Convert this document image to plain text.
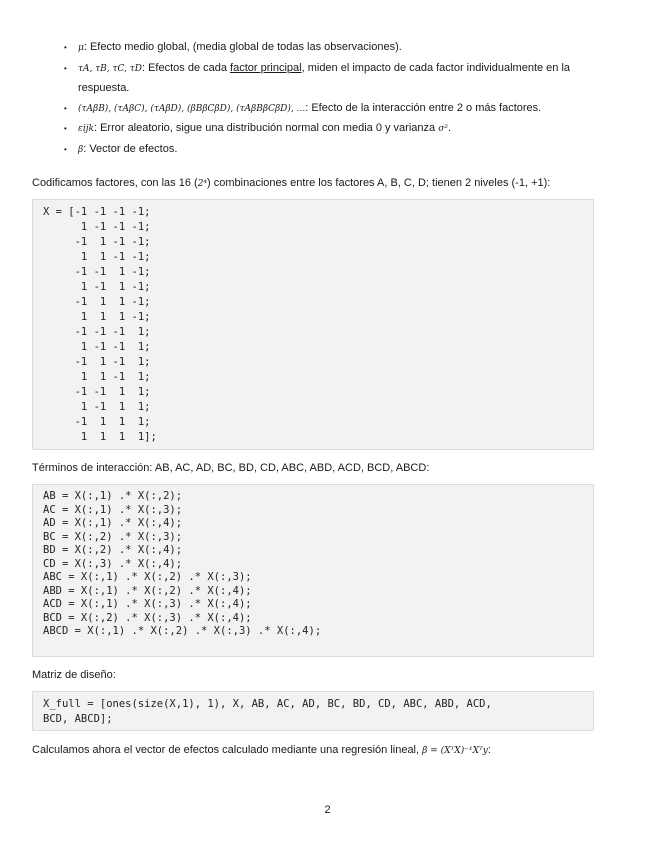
• μ: Efecto medio global, (media global de todas las observaciones).
• τA, τB, τC, τD: Efectos de cada factor principal, miden el impacto de cada factor individualmente en la respuesta.
• (τAβB), (τAβC), (τAβD), (βBβCβD), (τAβBβCβD), ...: Efecto de la interacción entre 2 o más factores.
• εijk: Error aleatorio, sigue una distribución normal con media 0 y varianza σ².
• β: Vector de efectos.

Codificamos factores, con las 16 (2⁴) combinaciones entre los factores A, B, C, D; tienen 2 niveles (-1, +1):

X = [-1 -1 -1 -1;
1 -1 -1 -1;
-1  1 -1 -1;
1  1 -1 -1;
-1 -1  1 -1;
1 -1  1 -1;
-1  1  1 -1;
1  1  1 -1;
-1 -1 -1  1;
1 -1 -1  1;
-1  1 -1  1;
1  1 -1  1;
-1 -1  1  1;
1 -1  1  1;
-1  1  1  1;
1  1  1  1];

Términos de interacción: AB, AC, AD, BC, BD, CD, ABC, ABD, ACD, BCD, ABCD:

AB = X(:,1) .* X(:,2);
AC = X(:,1) .* X(:,3);
AD = X(:,1) .* X(:,4);
BC = X(:,2) .* X(:,3);
BD = X(:,2) .* X(:,4);
CD = X(:,3) .* X(:,4);
ABC = X(:,1) .* X(:,2) .* X(:,3);
ABD = X(:,1) .* X(:,2) .* X(:,4);
ACD = X(:,1) .* X(:,3) .* X(:,4);
BCD = X(:,2) .* X(:,3) .* X(:,4);
ABCD = X(:,1) .* X(:,2) .* X(:,3) .* X(:,4);

Matriz de diseño:

X_full = [ones(size(X,1), 1), X, AB, AC, AD, BC, BD, CD, ABC, ABD, ACD,
BCD, ABCD];

Calculamos ahora el vector de efectos calculado mediante una regresión lineal, β = (XᵀX)⁻¹Xᵀy:

2
